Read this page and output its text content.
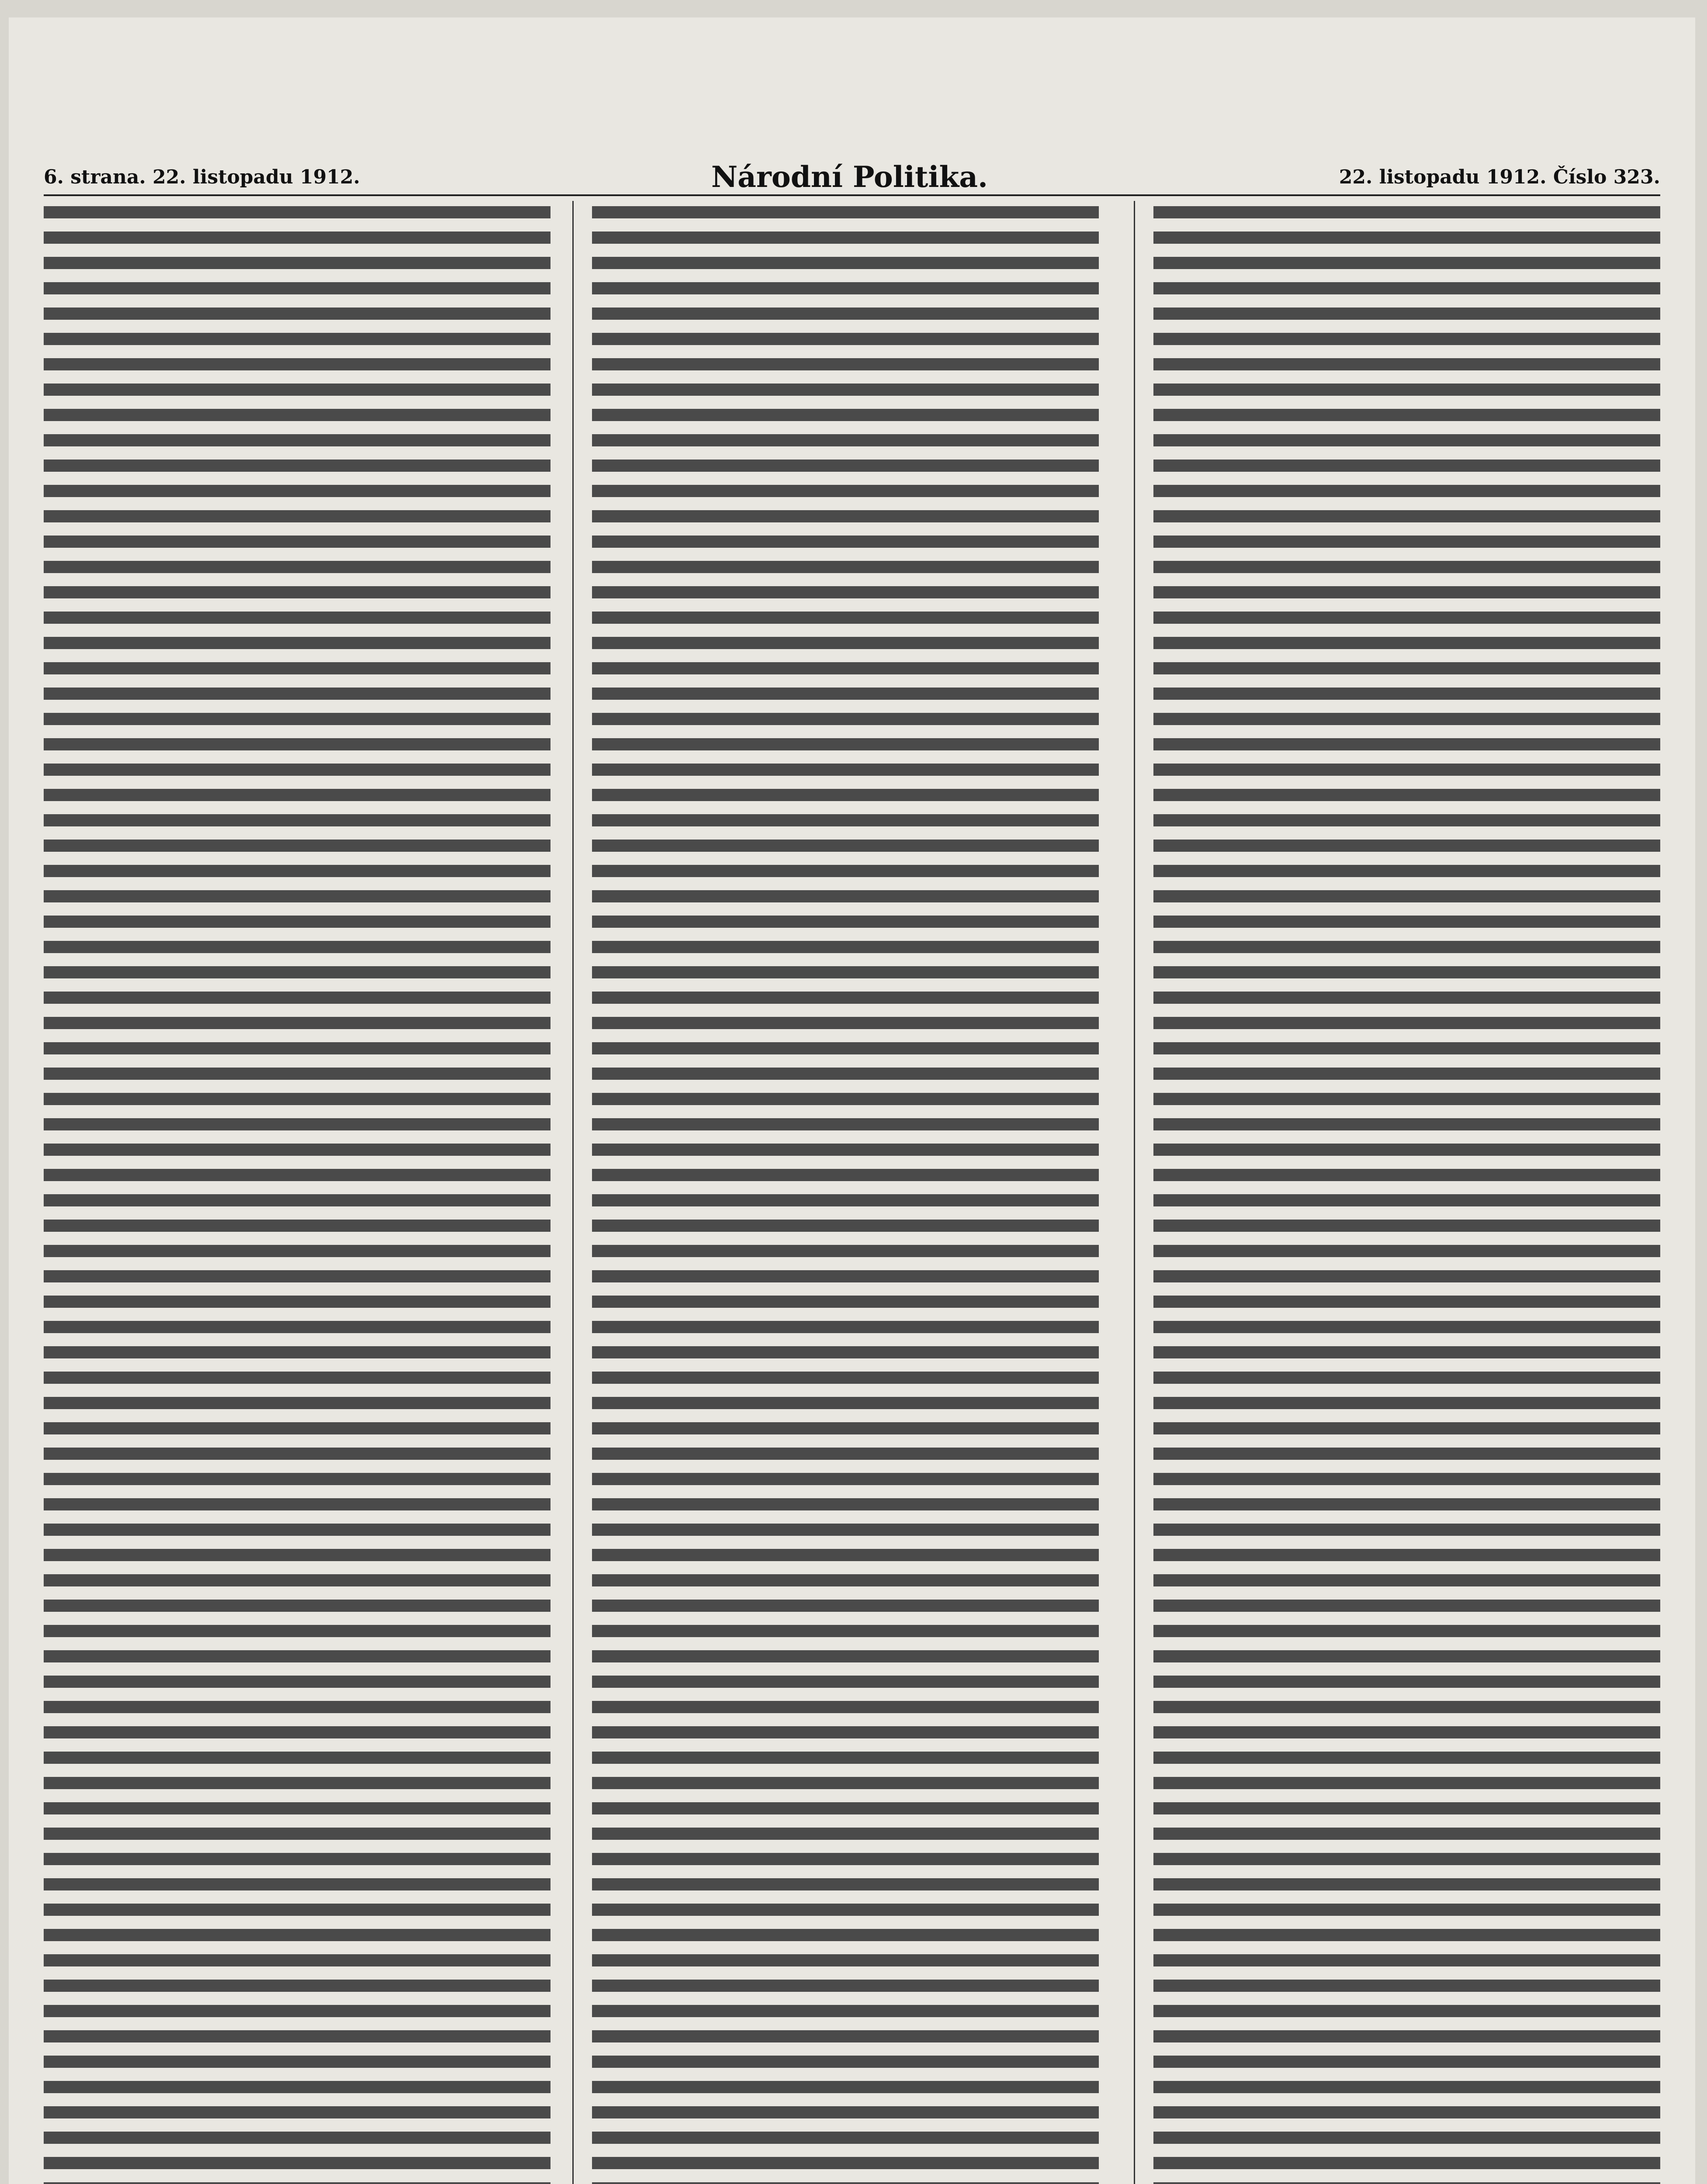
6. strana. 22. listopadu 1912.	Národní Politika.	22. listopadu 1912. Číslo 323.
